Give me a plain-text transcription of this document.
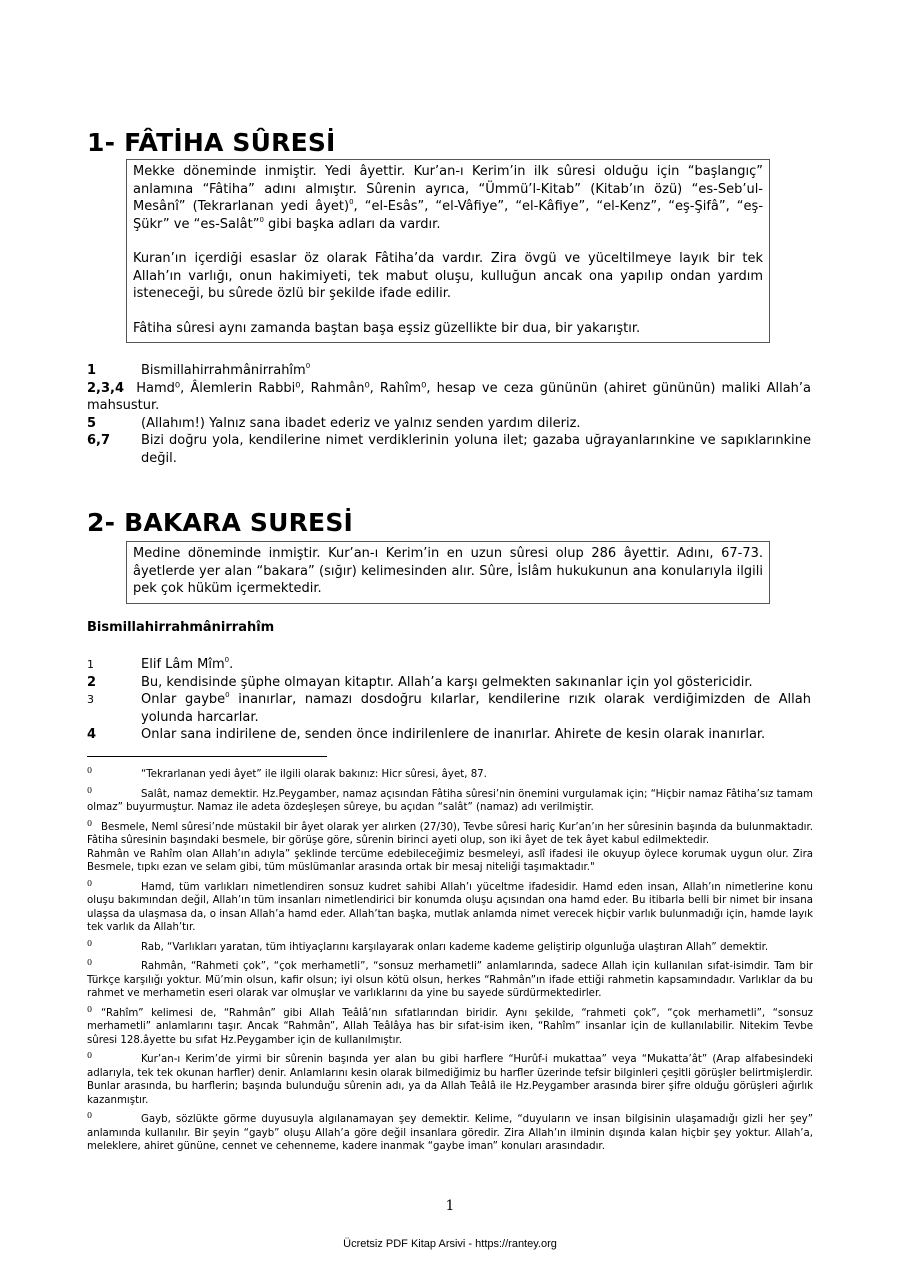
1- FÂTİHA SÛRESİ

Mekke döneminde inmiştir. Yedi âyettir. Kur’an-ı Kerim’in ilk sûresi olduğu için “başlangıç” anlamına “Fâtiha” adını almıştır. Sûrenin ayrıca, “Ümmü’l-Kitab” (Kitab’ın özü) “es-Seb’ul-Mesânî” (Tekrarlanan yedi âyet)$^0$, “el-Esâs”, “el-Vâfiye”, “el-Kâfiye”, “el-Kenz”, “eş-Şifâ”, “eş-Şükr” ve “es-Salât”$^0$ gibi başka adları da vardır.

Kuran’ın içerdiği esaslar öz olarak Fâtiha’da vardır. Zira övgü ve yüceltilmeye layık bir tek Allah’ın varlığı, onun hakimiyeti, tek mabut oluşu, kulluğun ancak ona yapılıp ondan yardım isteneceği, bu sûrede özlü bir şekilde ifade edilir.

Fâtiha sûresi aynı zamanda baştan başa eşsiz güzellikte bir dua, bir yakarıştır.

1	Bismillahirrahmânirrahîm$^0$
2,3,4 Hamd⁰, Âlemlerin Rabbi⁰, Rahmân⁰, Rahîm⁰, hesap ve ceza gününün (ahiret gününün) maliki Allah’a mahsustur.
5	(Allahım!) Yalnız sana ibadet ederiz ve yalnız senden yardım dileriz.
6,7	Bizi doğru yola, kendilerine nimet verdiklerinin yoluna ilet; gazaba uğrayanlarınkine ve sapıklarınkine değil.
2- BAKARA SURESİ

Medine döneminde inmiştir. Kur’an-ı Kerim’in en uzun sûresi olup 286 âyettir. Adını, 67-73. âyetlerde yer alan “bakara” (sığır) kelimesinden alır. Sûre, İslâm hukukunun ana konularıyla ilgili pek çok hüküm içermektedir.

Bismillahirrahmânirrahîm
1	Elif Lâm Mîm$^0$.
2	Bu, kendisinde şüphe olmayan kitaptır. Allah’a karşı gelmekten sakınanlar için yol göstericidir.
3	Onlar gaybe$^0$ inanırlar, namazı dosdoğru kılarlar, kendilerine rızık olarak verdiğimizden de Allah yolunda harcarlar.
4	Onlar sana indirilene de, senden önce indirilenlere de inanırlar. Ahirete de kesin olarak inanırlar.

0	“Tekrarlanan yedi âyet” ile ilgili olarak bakınız: Hicr sûresi, âyet, 87.

0	Salât, namaz demektir. Hz.Peygamber, namaz açısından Fâtiha sûresi’nin önemini vurgulamak için; “Hiçbir namaz Fâtiha’sız tamam olmaz” buyurmuştur. Namaz ile adeta özdeşleşen sûreye, bu açıdan “salât” (namaz) adı verilmiştir.

0 Besmele, Neml sûresi’nde müstakil bir âyet olarak yer alırken (27/30), Tevbe sûresi hariç Kur’an’ın her sûresinin başında da bulunmaktadır. Fâtiha sûresinin başındaki besmele, bir görüşe göre, sûrenin birinci ayeti olup, son iki âyet de tek âyet kabul edilmektedir.

Rahmân ve Rahîm olan Allah’ın adıyla” şeklinde tercüme edebileceğimiz besmeleyi, aslî ifadesi ile okuyup öylece korumak uygun olur. Zira Besmele, tıpkı ezan ve selam gibi, tüm müslümanlar arasında ortak bir mesaj niteliği taşımaktadır."

0	Hamd, tüm varlıkları nimetlendiren sonsuz kudret sahibi Allah’ı yüceltme ifadesidir. Hamd eden insan, Allah’ın nimetlerine konu oluşu bakımından değil, Allah’ın tüm insanları nimetlendirici bir konumda oluşu açısından ona hamd eder. Bu itibarla belli bir nimet bir insana ulaşsa da ulaşmasa da, o insan Allah’a hamd eder. Allah’tan başka, mutlak anlamda nimet verecek hiçbir varlık bulunmadığı için, hamde layık tek varlık da Allah’tır.

0	Rab, “Varlıkları yaratan, tüm ihtiyaçlarını karşılayarak onları kademe kademe geliştirip olgunluğa ulaştıran Allah” demektir.

0	Rahmân, “Rahmeti çok”, “çok merhametli”, “sonsuz merhametli” anlamlarında, sadece Allah için kullanılan sıfat-isimdir. Tam bir Türkçe karşılığı yoktur. Mü’min olsun, kafir olsun; iyi olsun kötü olsun, herkes “Rahmân”ın ifade ettiği rahmetin kapsamındadır. Varlıklar da bu rahmet ve merhametin eseri olarak var olmuşlar ve varlıklarını da yine bu sayede sürdürmektedirler.

0 “Rahîm” kelimesi de, “Rahmân” gibi Allah Teâlâ’nın sıfatlarından biridir. Aynı şekilde, “rahmeti çok”, “çok merhametli”, “sonsuz merhametli” anlamlarını taşır. Ancak “Rahmân”, Allah Teâlâya has bir sıfat-isim iken, “Rahîm” insanlar için de kullanılabilir. Nitekim Tevbe sûresi 128.âyette bu sıfat Hz.Peygamber için de kullanılmıştır.

0	Kur’an-ı Kerim’de yirmi bir sûrenin başında yer alan bu gibi harflere “Hurûf-i mukattaa” veya “Mukatta’ât” (Arap alfabesindeki adlarıyla, tek tek okunan harfler) denir. Anlamlarını kesin olarak bilmediğimiz bu harfler üzerinde tefsir bilginleri çeşitli görüşler belirtmişlerdir. Bunlar arasında, bu harflerin; başında bulunduğu sûrenin adı, ya da Allah Teâlâ ile Hz.Peygamber arasında birer şifre olduğu görüşleri ağırlık kazanmıştır.

0	Gayb, sözlükte görme duyusuyla algılanamayan şey demektir. Kelime, “duyuların ve insan bilgisinin ulaşamadığı gizli her şey” anlamında kullanılır. Bir şeyin “gayb” oluşu Allah’a göre değil insanlara göredir. Zira Allah’ın ilminin dışında kalan hiçbir şey yoktur. Allah’a, meleklere, ahiret gününe, cennet ve cehenneme, kadere inanmak “gaybe iman” konuları arasındadır.

1
Ücretsiz PDF Kitap Arsivi - https://rantey.org
